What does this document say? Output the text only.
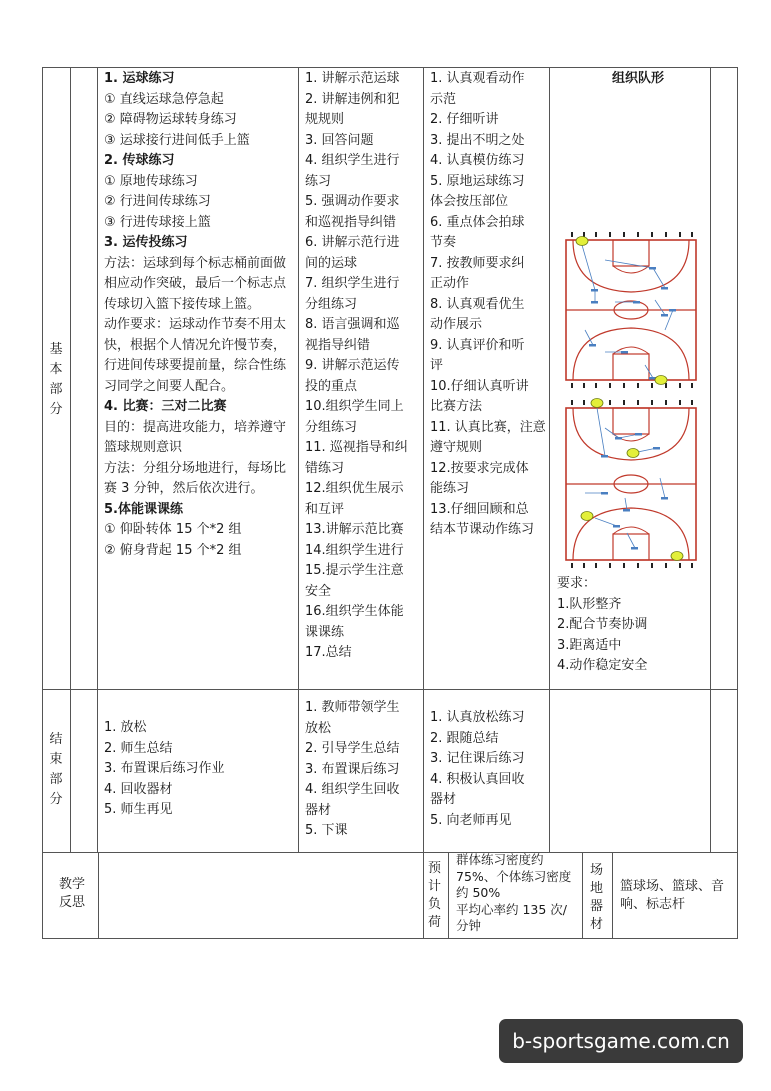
基
本
部
分
1. 运球练习
① 直线运球急停急起
② 障碍物运球转身练习
③ 运球接行进间低手上篮
2. 传球练习
① 原地传球练习
② 行进间传球练习
③ 行进传球接上篮
3. 运传投练习
方法：运球到每个标志桶前面做
相应动作突破，最后一个标志点
传球切入篮下接传球上篮。
动作要求：运球动作节奏不用太
快，根据个人情况允许慢节奏，
行进间传球要提前量，综合性练
习同学之间要人配合。
4. 比赛：三对二比赛
目的：提高进攻能力，培养遵守
篮球规则意识
方法：分组分场地进行，每场比
赛 3 分钟，然后依次进行。
5.体能课课练
① 仰卧转体 15 个*2 组
② 俯身背起 15 个*2 组
1. 讲解示范运球
2. 讲解违例和犯
规规则
3. 回答问题
4. 组织学生进行
练习
5. 强调动作要求
和巡视指导纠错
6. 讲解示范行进
间的运球
7. 组织学生进行
分组练习
8. 语言强调和巡
视指导纠错
9. 讲解示范运传
投的重点
10.组织学生同上
分组练习
11. 巡视指导和纠
错练习
12.组织优生展示
和互评
13.讲解示范比赛
14.组织学生进行
15.提示学生注意
安全
16.组织学生体能
课课练
17.总结
1. 认真观看动作
示范
2. 仔细听讲
3. 提出不明之处
4. 认真模仿练习
5. 原地运球练习
体会按压部位
6. 重点体会拍球
节奏
7. 按教师要求纠
正动作
8. 认真观看优生
动作展示
9. 认真评价和听
评
10.仔细认真听讲
比赛方法
11. 认真比赛，注意
遵守规则
12.按要求完成体
能练习
13.仔细回顾和总
结本节课动作练习
组织队形
要求：
1.队形整齐
2.配合节奏协调
3.距离适中
4.动作稳定安全
结
束
部
分
1. 放松
2. 师生总结
3. 布置课后练习作业
4. 回收器材
5. 师生再见
1. 教师带领学生
放松
2. 引导学生总结
3. 布置课后练习
4. 组织学生回收
器材
5. 下课
1. 认真放松练习
2. 跟随总结
3. 记住课后练习
4. 积极认真回收
器材
5. 向老师再见
教学反思
预计负荷
群体练习密度约
75%、个体练习密度
约 50%
平均心率约 135 次/
分钟
场地器材
篮球场、篮球、音
响、标志杆
b-sportsgame.com.cn
